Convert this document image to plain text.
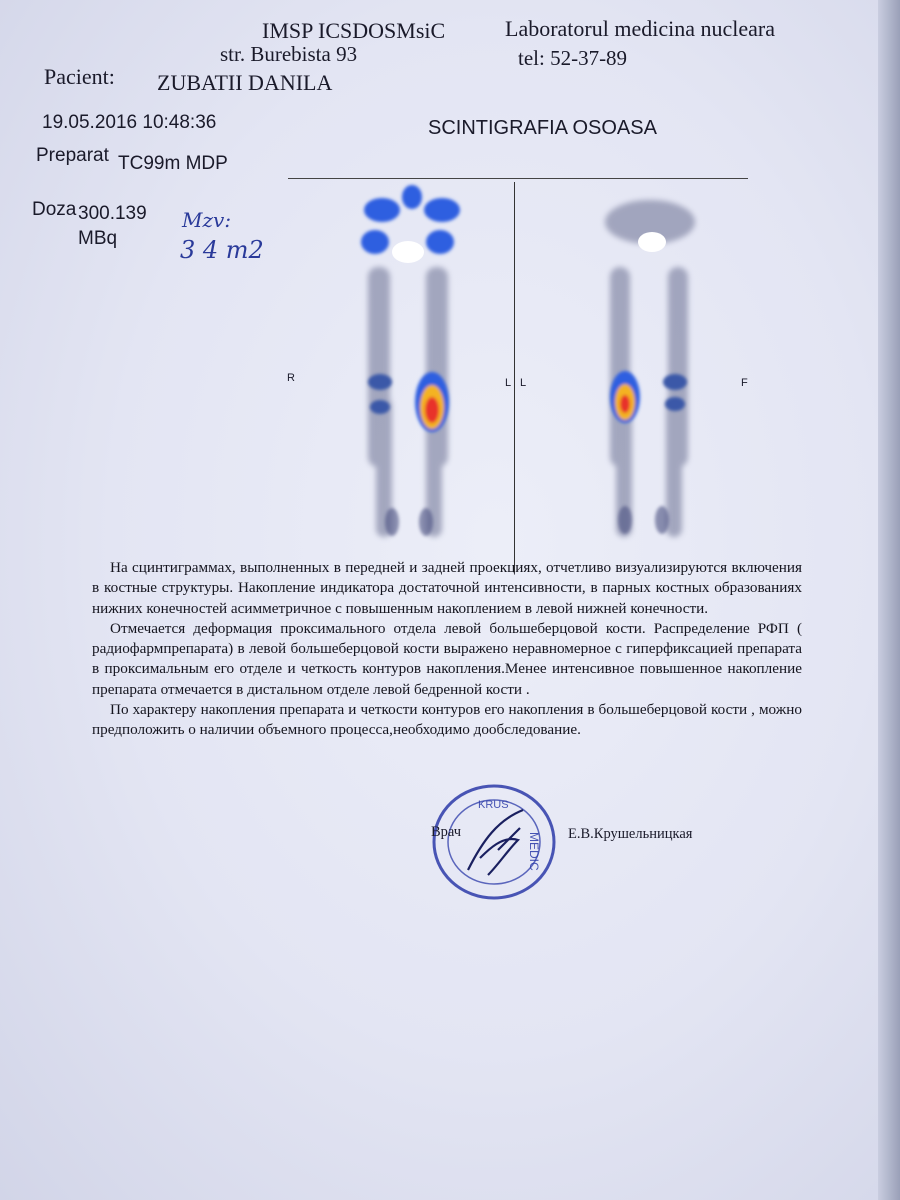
IMSP ICSDOSMsiC
str. Burebista 93
Laboratorul medicina nucleara
tel: 52-37-89
Pacient: ZUBATII DANILA
19.05.2016 10:48:36	SCINTIGRAFIA OSOASA
Preparat TC99m MDP
Doza 300.139
MBq
Mzv:
3 4 m2
R	L L	F

На сцинтиграммах, выполненных в передней и задней проекциях, отчетливо визуализируются включения в костные структуры. Накопление индикатора достаточной интенсивности, в парных костных образованиях нижних конечностей асимметричное с повышенным накоплением в левой нижней конечности.

Отмечается деформация проксимального отдела левой большеберцовой кости. Распределение РФП ( радиофармпрепарата) в левой большеберцовой кости выражено неравномерное с гиперфиксацией препарата в проксимальным его отделе и четкость контуров накопления.Менее интенсивное повышенное накопление препарата отмечается в дистальном отделе левой бедренной кости .

По характеру накопления препарата и четкости контуров его накопления в большеберцовой кости , можно предположить о наличии объемного процесса,необходимо дообследование.

KRUS
MEDIC
Врач	Е.В.Крушельницкая
